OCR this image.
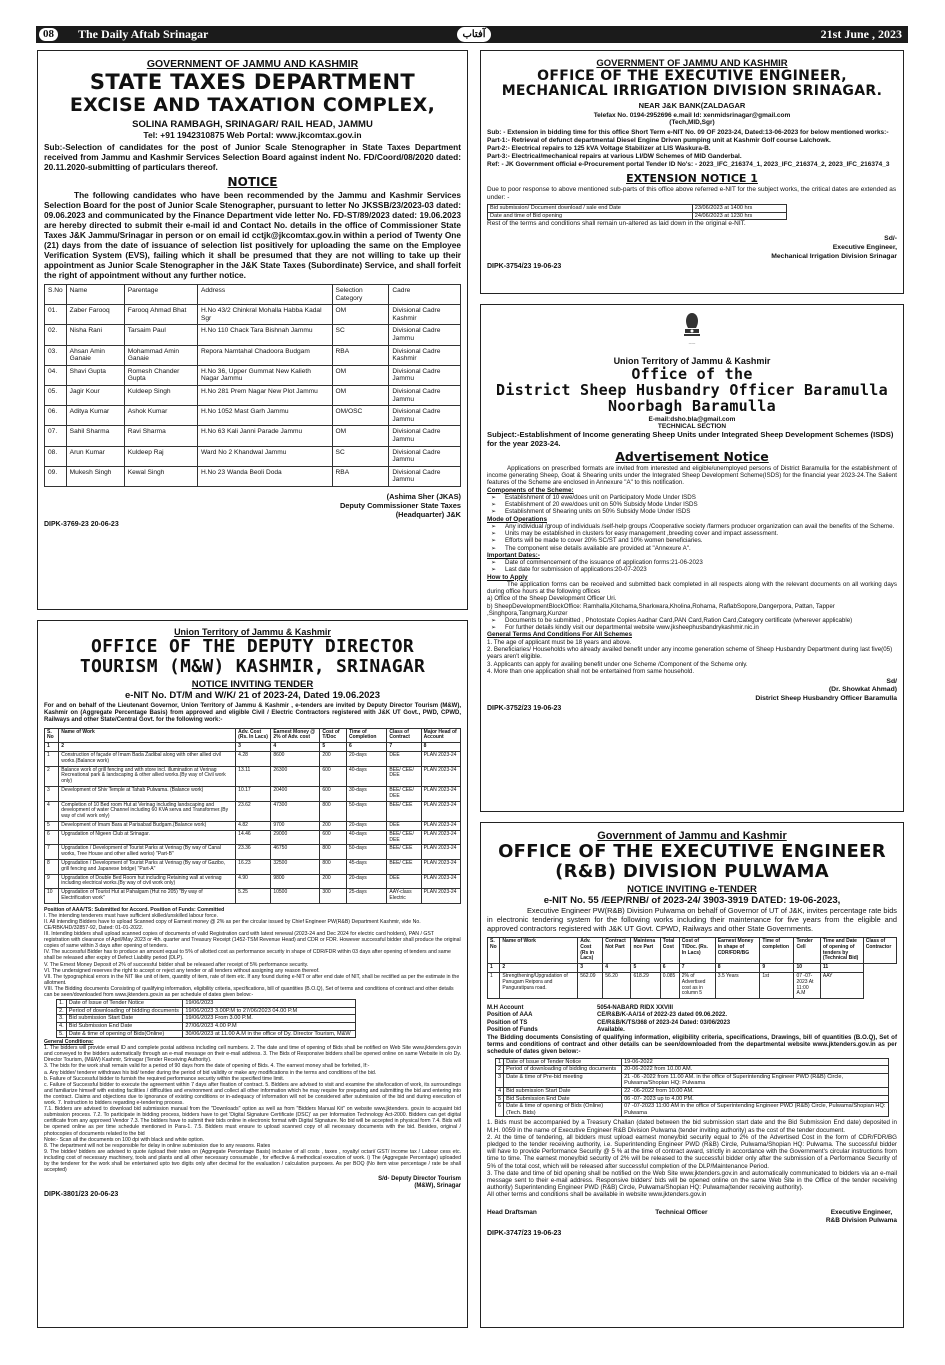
08	The Daily Aftab Srinagar	آفتاب	21st June , 2023
GOVERNMENT OF JAMMU AND KASHMIR
STATE TAXES DEPARTMENT
EXCISE AND TAXATION COMPLEX,
SOLINA RAMBAGH, SRINAGAR/ RAIL HEAD, JAMMU
Tel: +91 1942310875 Web Portal: www.jkcomtax.gov.in
Sub:-Selection of candidates for the post of Junior Scale Stenographer in State Taxes Department received from Jammu and Kashmir Services Selection Board against indent No. FD/Coord/08/2020 dated: 20.11.2020-submitting of particulars thereof.
NOTICE
The following candidates who have been recommended by the Jammu and Kashmir Services Selection Board for the post of Junior Scale Stenographer, pursuant to letter No JKSSB/23/2023-03 dated: 09.06.2023 and communicated by the Finance Department vide letter No. FD-ST/89/2023 dated: 19.06.2023 are hereby directed to submit their e-mail id and Contact No. details in the office of Commissioner State Taxes J&K Jammu/Srinagar in person or on email id cctjk@jkcomtax.gov.in within a period of Twenty One (21) days from the date of issuance of selection list positively for uploading the same on the Employee Verification System (EVS), failing which it shall be presumed that they are not willing to take up their appointment as Junior Scale Stenographer in the J&K State Taxes (Subordinate) Service, and shall forfeit the right of appointment without any further notice.
S.No	Name	Parentage	Address	Selection Category	Cadre
01.	Zaber Farooq	Farooq Ahmad Bhat	H.No 43/2 Chinkral Mohalla Habba Kadal Sgr	OM	Divisional Cadre Kashmir
02.	Nisha Rani	Tarsaim Paul	H.No 110 Chack Tara Bishnah Jammu	SC	Divisional Cadre Jammu
03.	Ahsan Amin Ganaie	Mohammad Amin Ganaie	Repora Namtahal Chadoora Budgam	RBA	Divisional Cadre Kashmir
04.	Shavi Gupta	Romesh Chander Gupta	H.No 36, Upper Gummat New Kalieth Nagar Jammu	OM	Divisional Cadre Jammu
05.	Jagir Kour	Kuldeep Singh	H.No 281 Prem Nagar New Plot Jammu	OM	Divisional Cadre Jammu
06.	Aditya Kumar	Ashok Kumar	H.No 1052 Mast Garh Jammu	OM/OSC	Divisional Cadre Jammu
07.	Sahil Sharma	Ravi Sharma	H.No 63 Kali Janni Parade Jammu	OM	Divisional Cadre Jammu
08.	Arun Kumar	Kuldeep Raj	Ward No 2 Khandwal Jammu	SC	Divisional Cadre Jammu
09.	Mukesh Singh	Kewal Singh	H.No 23 Wanda Beoli Doda	RBA	Divisional Cadre Jammu
(Ashima Sher (JKAS)
Deputy Commissioner State Taxes
(Headquarter) J&K
DIPK-3769-23 20-06-23
GOVERNMENT OF JAMMU AND KASHMIR
OFFICE OF THE EXECUTIVE ENGINEER,
MECHANICAL IRRIGATION DIVISION SRINAGAR.
NEAR J&K BANK(ZALDAGAR
Telefax No. 0194-2952696 e.mail Id: xenmidsrinagar@gmail.com
(Tech,MID,Sgr)
Sub: - Extension in bidding time for this office Short Term e-NIT No. 09 OF 2023-24, Dated:13-06-2023 for below mentioned works:-
Part-1:- Retrieval of defunct departmental Diesel Engine Driven pumping unit at Kashmir Golf course Lalchowk.
Part-2:- Electrical repairs to 125 kVA Voltage Stabilizer at LIS Waskura-B.
Part-3:- Electrical/mechanical repairs at various LI/DW Schemes of MID Ganderbal.
Ref: - JK Government official e-Procurement portal Tender ID No's: - 2023_IFC_216374_1, 2023_IFC_216374_2, 2023_IFC_216374_3
EXTENSION NOTICE 1
Due to poor response to above mentioned sub-parts of this office above referred e-NIT for the subject works, the critical dates are extended as under: -
Bid submission/ Document download / sale end Date	23/06/2023 at 1400 hrs
Date and time of Bid opening	24/06/2023 at 1230 hrs
Rest of the terms and conditions shall remain un-altered as laid down in the original e-NIT.
Sd/-
Executive Engineer,
Mechanical Irrigation Division Srinagar
DIPK-3754/23 19-06-23
-----
Union Territory of Jammu & Kashmir
Office of the
District Sheep Husbandry Officer Baramulla
Noorbagh Baramulla
E-mail:dsho.bla@gmail.com
TECHNICAL SECTION
Subject:-Establishment of Income generating Sheep Units under Integrated Sheep Development Schemes (ISDS) for the year 2023-24.
Advertisement Notice
Applications on prescribed formats are invited from interested and eligible/unemployed persons of District Baramulla for the establishment of income generating Sheep, Goat & Shearing units under the Integrated Sheep Development Scheme(ISDS) for the financial year 2023-24.The Salient features of the Scheme are enclosed in Annexure "A" to this notification.
Components of the Scheme:
➢ Establishment of 10 ewe/does unit on Participatory Mode Under ISDS
➢ Establishment of 20 ewe/does unit on 50% Subsidy Mode Under ISDS
➢ Establishment of Shearing units on 50% Subsidy Mode Under ISDS
Mode of Operations
➢ Any individual /group of individuals /self-help groups /Cooperative society /farmers producer organization can avail the benefits of the Scheme.
➢ Units may be established in clusters for easy management ,breeding cover and impact assessment.
➢ Efforts will be made to cover 20% SC/ST and 10% women beneficiaries.
➢ The component wise details available are provided at "Annexure A".
Important Dates:-
➢ Date of commencement of the issuance of application forms:21-06-2023
➢ Last date for submission of applications:20-07-2023
How to Apply
The application forms can be received and submitted back completed in all respects along with the relevant documents on all working days during office hours at the following offices
a) Office of the Sheep Development Officer Uri.
b) SheepDevelopmentBlockOffice: Ramhalla,Kitchama,Sharkwara,Kholina,Rohama, RaflabSopore,Dangerpora, Pattan, Tapper ,Singhpora,Tangmarg,Kunzer
➢ Documents to be submitted , Photostate Copies Aadhar Card,PAN Card,Ration Card,Category certificate (wherever applicable)
➢ For further details kindly visit our departmental website www.jksheephusbandrykashmir.nic.in
General Terms And Conditions For All Schemes
1. The age of applicant must be 18 years and above.
2. Beneficiaries/ Households who already availed benefit under any income generation scheme of Sheep Husbandry Department during last five(05) years aren't eligible.
3. Applicants can apply for availing benefit under one Scheme /Component of the Scheme only.
4. More than one application shall not be entertained from same household.
Sd/
(Dr. Showkat Ahmad)
District Sheep Husbandry Officer Baramulla
DIPK-3752/23 19-06-23
Union Territory of Jammu & Kashmir
OFFICE OF THE DEPUTY DIRECTOR
TOURISM (M&W) KASHMIR, SRINAGAR
NOTICE INVITING TENDER
e-NIT No. DT/M and W/K/ 21 of 2023-24, Dated 19.06.2023
For and on behalf of the Lieutenant Governor, Union Territory of Jammu & Kashmir , e-tenders are invited by Deputy Director Tourism (M&W), Kashmir on (Aggregate Percentage Basis) from approved and eligible Civil / Electric Contractors registered with J&K UT Govt., PWD, CPWD, Railways and other State/Central Govt. for the following work:-
S. No	Name of Work	Adv. Cost (Rs. In Lacs)	Earnest Money @ 2% of Adv. cost	Cost of T/Doc	Time of Completion	Class of Contract	Major Head of Account
1	2	3	4	5	6	7	8
1	Construction of façade of Imam Bada Zadibal along with other allied civil works.(Balance work)	4.28	8600	200	20-days	DEE	PLAN 2023-24
2	Balance work of grill fencing and with store incl. illumination at Verinag Recreational park & landscaping & other allied works.(By way of Civil work only)	13.11	26300	600	40-days	BEE/ CEE/ DEE	PLAN 2023-24
3	Development of Shiv Temple at Tahab Pulwama. (Balance work)	10.17	20400	600	30-days	BEE/ CEE/ DEE	PLAN 2023-24
4	Completion of 10 Bed room Hut at Verinag including landscaping and development of water Channel including 60 KVA serva and Transformer.(By way of civil work only)	23.62	47300	800	50-days	BEE/ CEE	PLAN 2023-24
5	Development of Imam Bara at Parisabad Budgam.(Balance work)	4.82	9700	200	20-days	DEE	PLAN 2023-24
6	Upgradation of Nigeen Club at Srinagar.	14.46	29000	600	40-days	BEE/ CEE/ DEE	PLAN 2023-24
7	Upgradation / Development of Tourist Parks at Verinag (By way of Canal works, Tree House and other allied works) "Part-B"	23.36	46750	800	50-days	BEE/ CEE	PLAN 2023-24
8	Upgradation / Development of Tourist Parks at Verinag (By way of Gazibo, grill fencing and Japanese bridge) "Part-A"	16.23	32500	800	45-days	BEE/ CEE	PLAN 2023-24
9	Upgradation of Double Bed Room hut including Retaining wall at verinag including electrical works.(By way of civil work only)	4.90	9800	200	20-days	DEE	PLAN 2023-24
10	Upgradation of Tourist Hut at Pahalgam (Hut no 205) "By way of Electrification work"	5.25	10500	300	25-days	AAY-class Electric	PLAN 2023-24
Position of AAA/TS: Submitted for Accord. Position of Funds: Committed
I. The intending tenderers must have sufficient skilled/unskilled labour force.
II. All intending Bidders have to upload Scanned copy of Earnest money @ 2% as per the circular issued by Chief Engineer PW(R&B) Department Kashmir, vide No. CE/RBK/HD/32857-92, Dated: 01-01-2022.
III. Intending bidders shall upload scanned copies of documents of valid Registration card with latest renewal (2023-24 and Dec 2024 for electric card holders), PAN / GST registration with clearance of April/May 2023 or 4th. quarter and Treasury Receipt (1452-TSM Revenue Head) and CDR or FDR. However successful bidder shall produce the original copies of same within 3 days after opening of tenders.
IV. The successful Bidder has to produce an amount equal to 5% of allotted cost as performance security in shape of CDR/FDR within 03 days after opening of tenders and same shall be released after expiry of Defect Liability period (DLP).
V. The Ernest Money Deposit of 2% of successful bidder shall be released after receipt of 5% performance security.
VI. The undersigned reserves the right to accept or reject any tender or all tenders without assigning any reason thereof.
VII. The typographical errors in the NIT like unit of item, quantity of item, rate of item etc. If any found during e-NIT or after end date of NIT, shall be rectified as per the estimate in the allotment.
VIII. The Bidding documents Consisting of qualifying information, eligibility criteria, specifications, bill of quantities (B.O.Q), Set of terms and conditions of contract and other details can be seen/downloaded from www.jktenders.gov.in as per schedule of dates given below:-
1.	Date of Issue of Tender Notice	19/06/2023
2.	Period of downloading of bidding documents	19/06/2023 3.00P.M to 27/06/2023 04.00 P.M
3.	Bid submission Start Date	19/06/2023 From 3.00 P.M.
4.	Bid Submission End Date	27/06/2023 4.00 P.M
5.	Date & time of opening of Bids(Online)	30/06/2023 at 11.00 A.M in the office of Dy. Director Tourism, M&W
General Conditions:
1. The bidders will provide email ID and complete postal address including cell numbers. 2. The date and time of opening of Bids shall be notified on Web Site www.jktenders.gov.in and conveyed to the bidders automatically through an e-mail message on their e-mail address. 3. The Bids of Responsive bidders shall be opened online on same Website in o/o Dy. Director Tourism, (M&W) Kashmir, Srinagar (Tender Receiving Authority).
3. The bids for the work shall remain valid for a period of 90 days from the date of opening of Bids. 4. The earnest money shall be forfeited, If:-
a. Any bidder/ tenderer withdraws his bid/ tender during the period of bid validity or make any modifications in the terms and conditions of the bid.
b. Failure of Successful bidder to furnish the required performance security within the specified time limit.
c. Failure of Successful bidder to execute the agreement within 7 days after fixation of contract. 5. Bidders are advised to visit and examine the site/location of work, its surroundings and familiarize himself with existing facilities / difficulties and environment and collect all other information which he may require for preparing and submitting the bid and entering into the contract. Claims and objections due to ignorance of existing conditions or in-adequacy of information will not be considered after submission of the bid and during execution of work. 7. Instruction to bidders regarding e-tendering process.
7.1. Bidders are advised to download bid submission manual from the "Downloads" option as well as from "Bidders Manual Kit" on website www.jktenders. gov.in to acquaint bid submission process. 7.2. To participate in bidding process, bidders have to get 'Digital Signature Certificate (DSC)' as per Information Technology Act-2000. Bidders can get digital certificate from any approved Vendor 7.3. The bidders have to submit their bids online in electronic format with Digital Signature. No bid will be accepted in physical form 7.4. Bids will be opened online as per time schedule mentioned in Para-1. 7.5. Bidders must ensure to upload scanned copy of all necessary documents with the bid. Besides, original / photocopies of documents related to the bid
Note:- Scan all the documents on 100 dpi with black and white option.
8. The department will not be responsible for delay in online submission due to any reasons. Rates
9. The bidder/ bidders are advised to quote /upload their rates on (Aggregate Percentage Basis) inclusive of all costs , taxes , royalty/ octari/ GST/ income tax / Labour cess etc. including cost of necessary machinery, tools and plants and all other necessary consumable , for effective & methodical execution of work. i) The (Aggregate Percentage) uploaded by the tenderer for the work shall be entertained upto two digits only after decimal for the evaluation / calculation purposes. As per BOQ (No item wise percentage / rate be shall accepted)
S/d- Deputy Director Tourism
(M&W), Srinagar
DIPK-3801/23 20-06-23
Government of Jammu and Kashmir
OFFICE OF THE EXECUTIVE ENGINEER
(R&B) DIVISION PULWAMA
NOTICE INVITING e-TENDER
e-NIT No. 55 /EEP/RNB/ of 2023-24/ 3903-3919 DATED: 19-06-2023,
Executive Engineer PW(R&B) Division Pulwama on behalf of Governor of UT of J&K, invites percentage rate bids in electronic tendering system for the following works including their maintenance for five years from the eligible and approved contractors registered with J&K UT Govt. CPWD, Railways and other State Governments.
S. No	Name of Work	Adv. Cost (Rs in Lacs)	Contract Not Part	Maintena nce Part	Total Cost	Cost of T/Doc. (Rs. In Lacs)	Earnest Money in shape of CDR/FDR/BG	Time of completion	Tender Cell	Time and Date of opening of tenders by (Technical Bid)	Class of Contractor
1	2	3	4	5	6	7	8	9	10	11	
1	Strengthening/Upgradation of Panugam Reipora and Panguratipura road.	562.09	56.20	618.29	0.085	2% of Advertised cost as in column 5	3.5 Years	1st	07 -07-2023 At 11:00 A.M	AAY	
M.H Account	5054-NABARD RIDX XXVIII
Position of AAA	CE/R&B/K-AA/14 of 2022-23 dated 09.06.2022.
Position of TS	CE/R&B/K/TS/368 of 2023-24 Dated: 03/06/2023
Position of Funds	Available.
The Bidding documents Consisting of qualifying information, eligibility criteria, specifications, Drawings, bill of quantities (B.O.Q), Set of terms and conditions of contract and other details can be seen/downloaded from the departmental website www.jktenders.gov.in as per schedule of dates given below:-
1	Date of Issue of Tender Notice	19-06-2022
2	Period of downloading of bidding documents	20-06-2022 from 10.00 AM.
3	Date & time of Pre-bid meeting	21 -06 -2022 from 11.00 AM. in the office of Superintending Engineer PWD (R&B) Circle, Pulwama/Shopian HQ: Pulwama
4	Bid submission Start Date	22 -06-2022 from 10.00 AM.
5	Bid Submission End Date	06 -07- 2023 up to 4.00 PM.
6	Date & time of opening of Bids (Online) (Tech. Bids)	07 -07-2023 11:00 AM in the office of Superintending Engineer PWD (R&B) Circle, Pulwama/Shopian HQ: Pulwama
1. Bids must be accompanied by a Treasury Challan (dated between the bid submission start date and the Bid Submission End date) deposited in M.H. 0059 in the name of Executive Engineer R&B Division Pulwama (tender inviting authority) as the cost of the tender document.
2. At the time of tendering, all bidders must upload earnest money/bid security equal to 2% of the Advertised Cost in the form of CDR/FDR/BG pledged to the tender receiving authority, i.e. Superintending Engineer PWD (R&B) Circle, Pulwama/Shopian HQ: Pulwama. The successful bidder will have to provide Performance Security @ 5 % at the time of contract award, strictly in accordance with the Government's circular instructions from time to time. The earnest money/bid security of 2% will be released to the successful bidder only after the submission of a Performance Security of 5% of the total cost, which will be released after successful completion of the DLP/Maintenance Period.
3. The date and time of bid opening shall be notified on the Web Site www.jktenders.gov.in and automatically communicated to bidders via an e-mail message sent to their e-mail address. Responsive bidders' bids will be opened online on the same Web Site in the Office of the tender receiving authority) Superintending Engineer PWD (R&B) Circle, Pulwama/Shopian HQ: Pulwama(tender receiving authority).
All other terms and conditions shall be available in website www.jktenders.gov.in
Head Draftsman	Technical Officer	Executive Engineer,
R&B Division Pulwama
DIPK-3747/23 19-06-23
